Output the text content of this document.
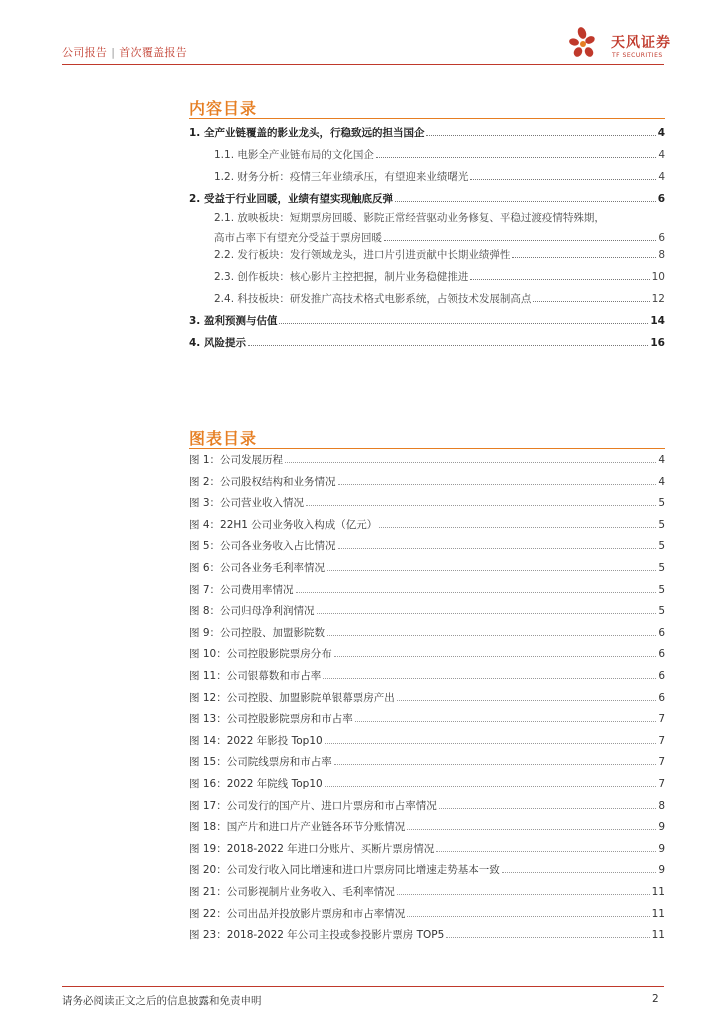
公司报告 | 首次覆盖报告
天风证券
TF SECURITIES
内容目录
1. 全产业链覆盖的影业龙头，行稳致远的担当国企	4
1.1. 电影全产业链布局的文化国企	4
1.2. 财务分析：疫情三年业绩承压，有望迎来业绩曙光	4
2. 受益于行业回暖，业绩有望实现触底反弹	6
2.1. 放映板块：短期票房回暖、影院正常经营驱动业务修复、平稳过渡疫情特殊期，
高市占率下有望充分受益于票房回暖	6
2.2. 发行板块：发行领域龙头，进口片引进贡献中长期业绩弹性	8
2.3. 创作板块：核心影片主控把握，制片业务稳健推进	10
2.4. 科技板块：研发推广高技术格式电影系统，占领技术发展制高点	12
3. 盈利预测与估值	14
4. 风险提示	16
图表目录
图 1：公司发展历程	4
图 2：公司股权结构和业务情况	4
图 3：公司营业收入情况	5
图 4：22H1 公司业务收入构成（亿元）	5
图 5：公司各业务收入占比情况	5
图 6：公司各业务毛利率情况	5
图 7：公司费用率情况	5
图 8：公司归母净利润情况	5
图 9：公司控股、加盟影院数	6
图 10：公司控股影院票房分布	6
图 11：公司银幕数和市占率	6
图 12：公司控股、加盟影院单银幕票房产出	6
图 13：公司控股影院票房和市占率	7
图 14：2022 年影投 Top10	7
图 15：公司院线票房和市占率	7
图 16：2022 年院线 Top10	7
图 17：公司发行的国产片、进口片票房和市占率情况	8
图 18：国产片和进口片产业链各环节分账情况	9
图 19：2018-2022 年进口分账片、买断片票房情况	9
图 20：公司发行收入同比增速和进口片票房同比增速走势基本一致	9
图 21：公司影视制片业务收入、毛利率情况	11
图 22：公司出品并投放影片票房和市占率情况	11
图 23：2018-2022 年公司主投或参投影片票房 TOP5	11
请务必阅读正文之后的信息披露和免责申明	2
